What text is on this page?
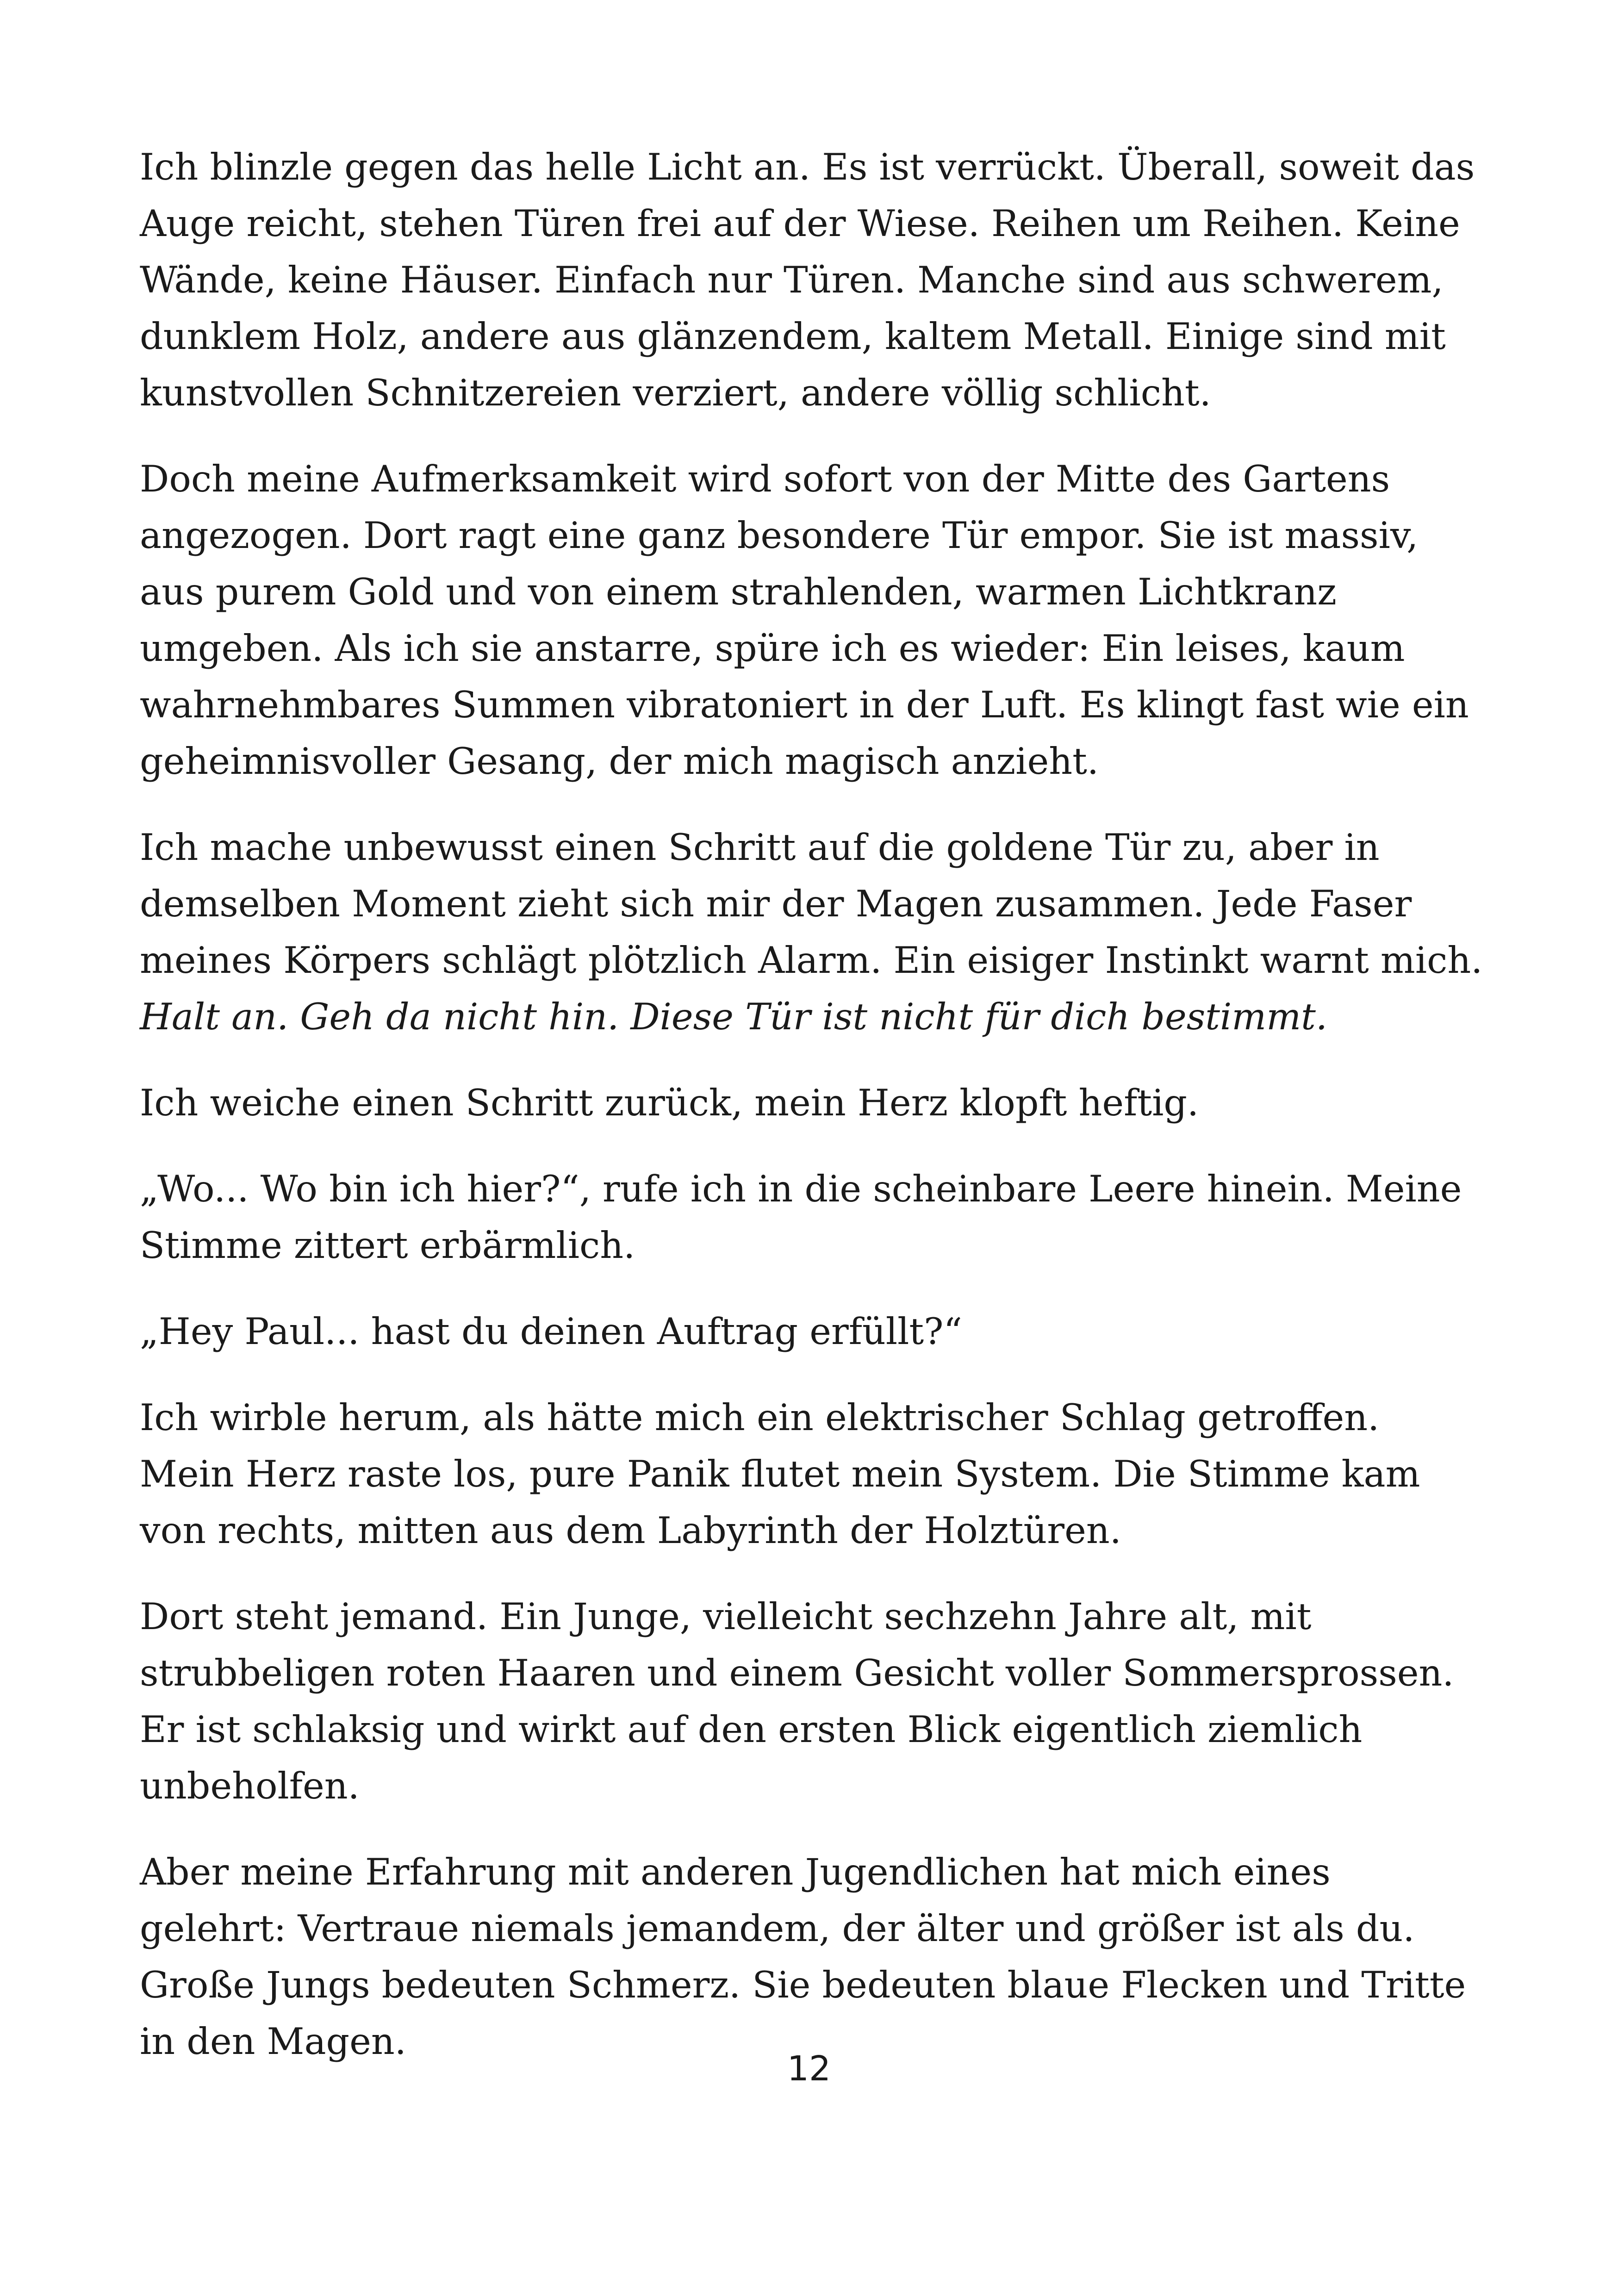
Ich blinzle gegen das helle Licht an. Es ist verrückt. Überall, soweit das Auge reicht, stehen Türen frei auf der Wiese. Reihen um Reihen. Keine Wände, keine Häuser. Einfach nur Türen. Manche sind aus schwerem, dunklem Holz, andere aus glänzendem, kaltem Metall. Einige sind mit kunstvollen Schnitzereien verziert, andere völlig schlicht.

Doch meine Aufmerksamkeit wird sofort von der Mitte des Gartens angezogen. Dort ragt eine ganz besondere Tür empor. Sie ist massiv, aus purem Gold und von einem strahlenden, warmen Lichtkranz umgeben. Als ich sie anstarre, spüre ich es wieder: Ein leises, kaum wahrnehmbares Summen vibratoniert in der Luft. Es klingt fast wie ein geheimnisvoller Gesang, der mich magisch anzieht.

Ich mache unbewusst einen Schritt auf die goldene Tür zu, aber in demselben Moment zieht sich mir der Magen zusammen. Jede Faser meines Körpers schlägt plötzlich Alarm. Ein eisiger Instinkt warnt mich.
Halt an. Geh da nicht hin. Diese Tür ist nicht für dich bestimmt.

Ich weiche einen Schritt zurück, mein Herz klopft heftig.

„Wo... Wo bin ich hier?“, rufe ich in die scheinbare Leere hinein. Meine Stimme zittert erbärmlich.

„Hey Paul... hast du deinen Auftrag erfüllt?“

Ich wirble herum, als hätte mich ein elektrischer Schlag getroffen. Mein Herz raste los, pure Panik flutet mein System. Die Stimme kam von rechts, mitten aus dem Labyrinth der Holztüren.

Dort steht jemand. Ein Junge, vielleicht sechzehn Jahre alt, mit strubbeligen roten Haaren und einem Gesicht voller Sommersprossen. Er ist schlaksig und wirkt auf den ersten Blick eigentlich ziemlich unbeholfen.

Aber meine Erfahrung mit anderen Jugendlichen hat mich eines gelehrt: Vertraue niemals jemandem, der älter und größer ist als du. Große Jungs bedeuten Schmerz. Sie bedeuten blaue Flecken und Tritte in den Magen.

12
